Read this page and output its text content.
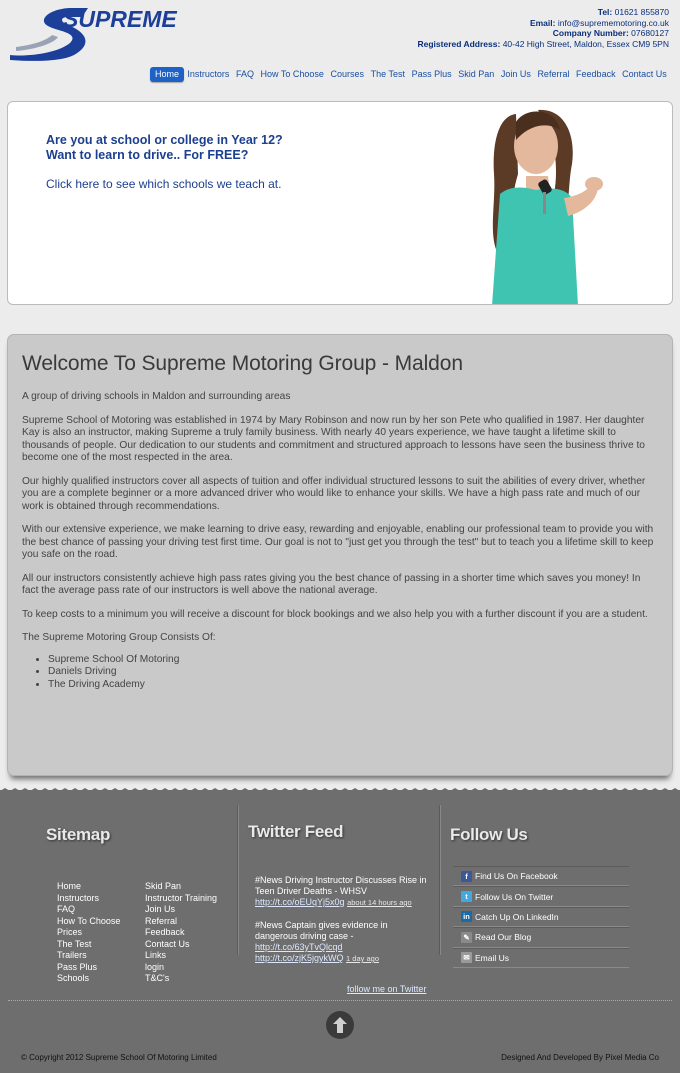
SUPREME	Tel: 01621 855870
Email: info@suprememotoring.co.uk
Company Number: 07680127
Registered Address: 40-42 High Street, Maldon, Essex CM9 5PN
Home Instructors FAQ How To Choose Courses The Test Pass Plus Skid Pan Join Us Referral Feedback Contact Us
Are you at school or college in Year 12?
Want to learn to drive.. For FREE?
Click here to see which schools we teach at.
Welcome To Supreme Motoring Group - Maldon

A group of driving schools in Maldon and surrounding areas

Supreme School of Motoring was established in 1974 by Mary Robinson and now run by her son Pete who qualified in 1987. Her daughter Kay is also an instructor, making Supreme a truly family business. With nearly 40 years experience, we have taught a lifetime skill to thousands of people. Our dedication to our students and commitment and structured approach to lessons have seen the business thrive to become one of the most respected in the area.

Our highly qualified instructors cover all aspects of tuition and offer individual structured lessons to suit the abilities of every driver, whether you are a complete beginner or a more advanced driver who would like to enhance your skills. We have a high pass rate and much of our work is obtained through recommendations.

With our extensive experience, we make learning to drive easy, rewarding and enjoyable, enabling our professional team to provide you with the best chance of passing your driving test first time. Our goal is not to "just get you through the test" but to teach you a lifetime skill to keep you safe on the road.

All our instructors consistently achieve high pass rates giving you the best chance of passing in a shorter time which saves you money! In fact the average pass rate of our instructors is well above the national average.

To keep costs to a minimum you will receive a discount for block bookings and we also help you with a further discount if you are a student.

The Supreme Motoring Group Consists Of:

• Supreme School Of Motoring
• Daniels Driving
• The Driving Academy
Sitemap
Home
Instructors
FAQ
How To Choose
Prices
The Test
Trailers
Pass Plus
Schools
Skid Pan
Instructor Training
Join Us
Referral
Feedback
Contact Us
Links
login
T&C's
Twitter Feed
#News Driving Instructor Discusses Rise in Teen Driver Deaths - WHSV
http://t.co/oEUqYj5x0g about 14 hours ago
#News Captain gives evidence in dangerous driving case -
http://t.co/63yTvQlcqd
http://t.co/zjK5jgykWQ 1 day ago
follow me on Twitter
Follow Us
f Find Us On Facebook
t Follow Us On Twitter
in Catch Up On LinkedIn
✎ Read Our Blog
✉ Email Us
© Copyright 2012 Supreme School Of Motoring Limited	Designed And Developed By Pixel Media Co
